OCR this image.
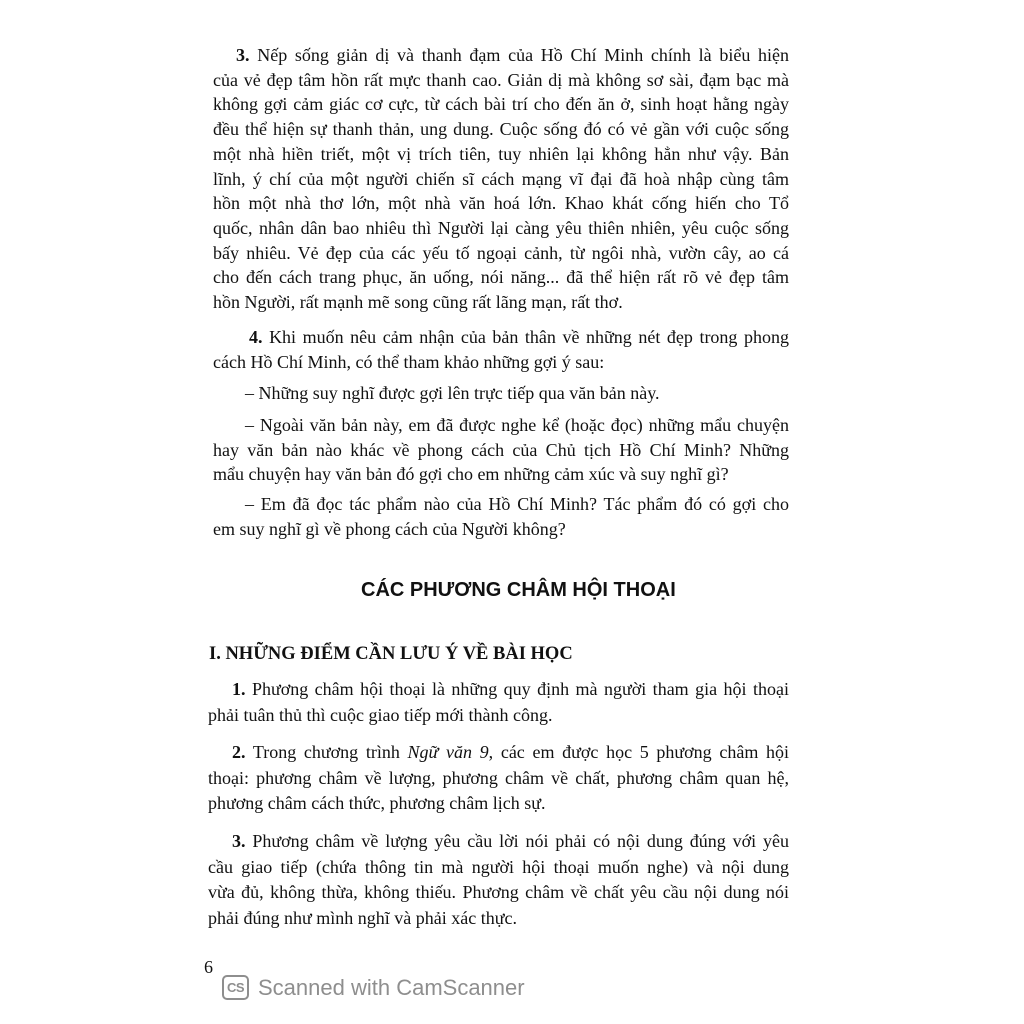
3. Nếp sống giản dị và thanh đạm của Hồ Chí Minh chính là biểu hiện
của vẻ đẹp tâm hồn rất mực thanh cao. Giản dị mà không sơ sài, đạm bạc mà
không gợi cảm giác cơ cực, từ cách bài trí cho đến ăn ở, sinh hoạt hằng ngày
đều thể hiện sự thanh thản, ung dung. Cuộc sống đó có vẻ gần với cuộc sống
một nhà hiền triết, một vị trích tiên, tuy nhiên lại không hẳn như vậy. Bản
lĩnh, ý chí của một người chiến sĩ cách mạng vĩ đại đã hoà nhập cùng tâm
hồn một nhà thơ lớn, một nhà văn hoá lớn. Khao khát cống hiến cho Tổ
quốc, nhân dân bao nhiêu thì Người lại càng yêu thiên nhiên, yêu cuộc sống
bấy nhiêu. Vẻ đẹp của các yếu tố ngoại cảnh, từ ngôi nhà, vườn cây, ao cá
cho đến cách trang phục, ăn uống, nói năng... đã thể hiện rất rõ vẻ đẹp tâm
hồn Người, rất mạnh mẽ song cũng rất lãng mạn, rất thơ.
4. Khi muốn nêu cảm nhận của bản thân về những nét đẹp trong phong
cách Hồ Chí Minh, có thể tham khảo những gợi ý sau:
– Những suy nghĩ được gợi lên trực tiếp qua văn bản này.
– Ngoài văn bản này, em đã được nghe kể (hoặc đọc) những mẩu chuyện
hay văn bản nào khác về phong cách của Chủ tịch Hồ Chí Minh? Những
mẩu chuyện hay văn bản đó gợi cho em những cảm xúc và suy nghĩ gì?
– Em đã đọc tác phẩm nào của Hồ Chí Minh? Tác phẩm đó có gợi cho
em suy nghĩ gì về phong cách của Người không?
CÁC PHƯƠNG CHÂM HỘI THOẠI
I. NHỮNG ĐIỂM CẦN LƯU Ý VỀ BÀI HỌC
1. Phương châm hội thoại là những quy định mà người tham gia hội thoại
phải tuân thủ thì cuộc giao tiếp mới thành công.
2. Trong chương trình Ngữ văn 9, các em được học 5 phương châm hội
thoại: phương châm về lượng, phương châm về chất, phương châm quan hệ,
phương châm cách thức, phương châm lịch sự.
3. Phương châm về lượng yêu cầu lời nói phải có nội dung đúng với yêu
cầu giao tiếp (chứa thông tin mà người hội thoại muốn nghe) và nội dung
vừa đủ, không thừa, không thiếu. Phương châm về chất yêu cầu nội dung nói
phải đúng như mình nghĩ và phải xác thực.
6
CS Scanned with CamScanner
